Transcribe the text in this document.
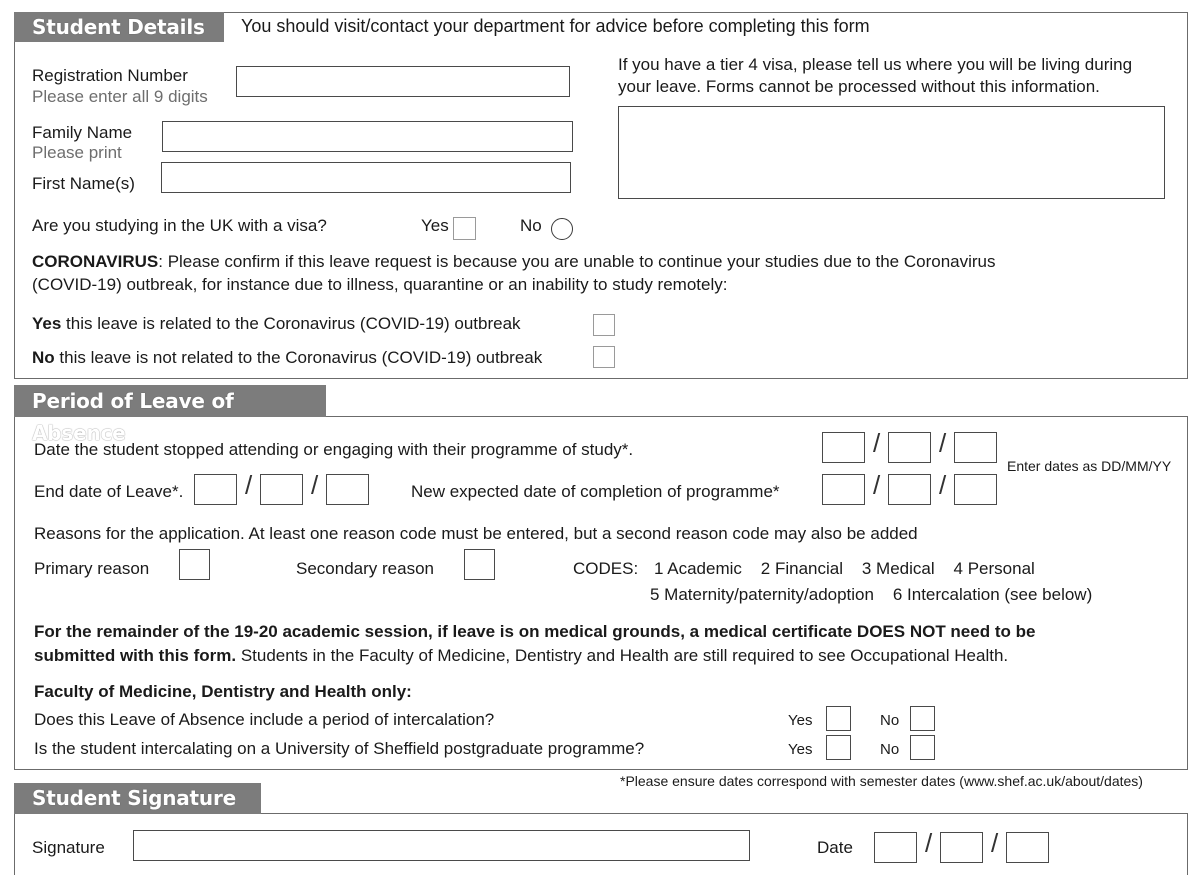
Student Details	You should visit/contact your department for advice before completing this form
Registration Number
Please enter all 9 digits
Family Name
Please print
First Name(s)
If you have a tier 4 visa, please tell us where you will be living during
your leave. Forms cannot be processed without this information.
Are you studying in the UK with a visa?	Yes	No
CORONAVIRUS: Please confirm if this leave request is because you are unable to continue your studies due to the Coronavirus
(COVID-19) outbreak, for instance due to illness, quarantine or an inability to study remotely:
Yes this leave is related to the Coronavirus (COVID-19) outbreak
No this leave is not related to the Coronavirus (COVID-19) outbreak
Period of Leave of Absence
Date the student stopped attending or engaging with their programme of study*.	/ /
Enter dates as DD/MM/YY
End date of Leave*. / /	New expected date of completion of programme*	/ /
Reasons for the application. At least one reason code must be entered, but a second reason code may also be added
Primary reason	Secondary reason	CODES: 1 Academic    2 Financial    3 Medical    4 Personal
5 Maternity/paternity/adoption    6 Intercalation (see below)
For the remainder of the 19-20 academic session, if leave is on medical grounds, a medical certificate DOES NOT need to be
submitted with this form. Students in the Faculty of Medicine, Dentistry and Health are still required to see Occupational Health.
Faculty of Medicine, Dentistry and Health only:
Does this Leave of Absence include a period of intercalation?	Yes	No
Is the student intercalating on a University of Sheffield postgraduate programme?	Yes	No
*Please ensure dates correspond with semester dates (www.shef.ac.uk/about/dates)
Student Signature
Signature	Date	/ /
